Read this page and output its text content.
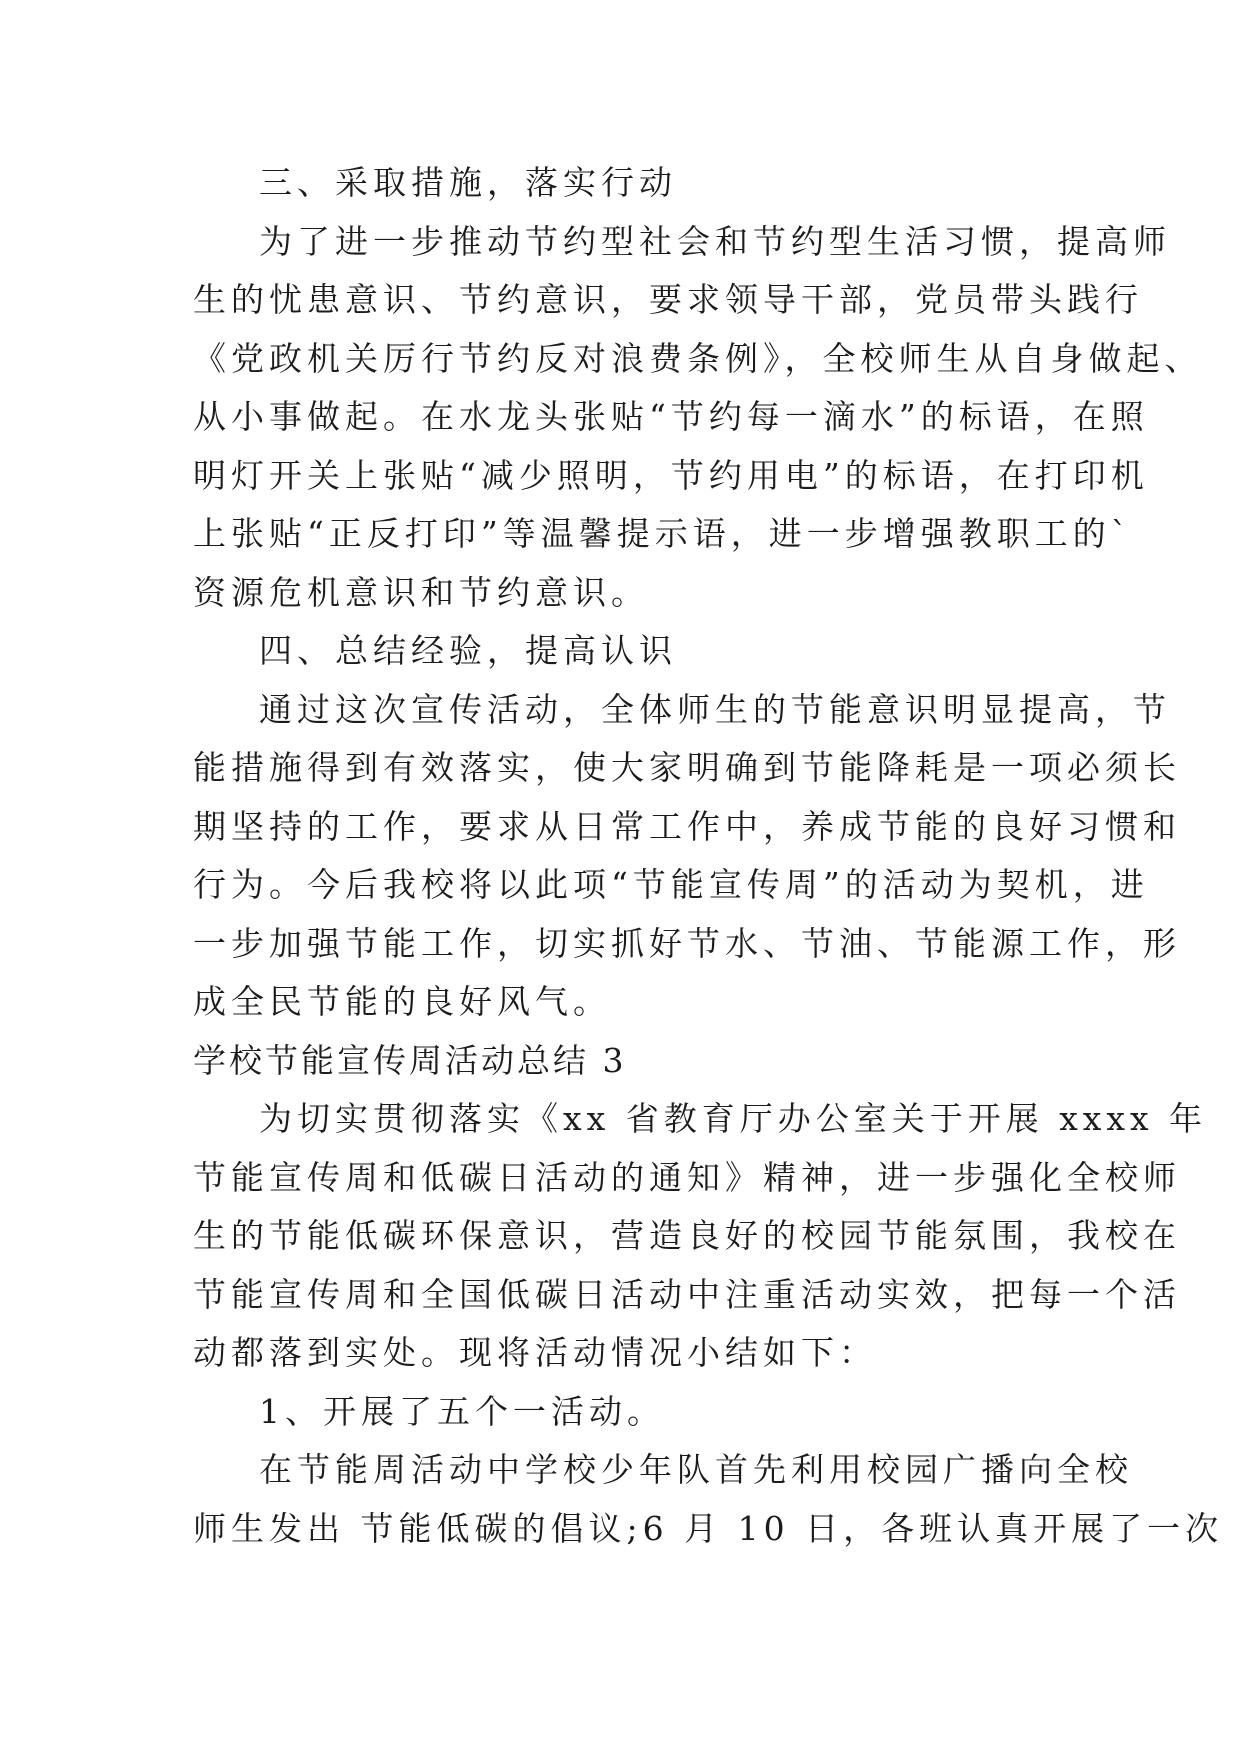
三、采取措施，落实行动

为了进一步推动节约型社会和节约型生活习惯，提高师

生的忧患意识、节约意识，要求领导干部，党员带头践行

《党政机关厉行节约反对浪费条例》，全校师生从自身做起、

从小事做起。在水龙头张贴“节约每一滴水”的标语，在照

明灯开关上张贴“减少照明，节约用电”的标语，在打印机

上张贴“正反打印”等温馨提示语，进一步增强教职工的`

资源危机意识和节约意识。

四、总结经验，提高认识

通过这次宣传活动，全体师生的节能意识明显提高，节

能措施得到有效落实，使大家明确到节能降耗是一项必须长

期坚持的工作，要求从日常工作中，养成节能的良好习惯和

行为。今后我校将以此项“节能宣传周”的活动为契机，进

一步加强节能工作，切实抓好节水、节油、节能源工作，形

成全民节能的良好风气。

学校节能宣传周活动总结 3

为切实贯彻落实《xx 省教育厅办公室关于开展 xxxx 年

节能宣传周和低碳日活动的通知》精神，进一步强化全校师

生的节能低碳环保意识，营造良好的校园节能氛围，我校在

节能宣传周和全国低碳日活动中注重活动实效，把每一个活

动都落到实处。现将活动情况小结如下：

1、开展了五个一活动。

在节能周活动中学校少年队首先利用校园广播向全校

师生发出 节能低碳的倡议;6 月 10 日，各班认真开展了一次
